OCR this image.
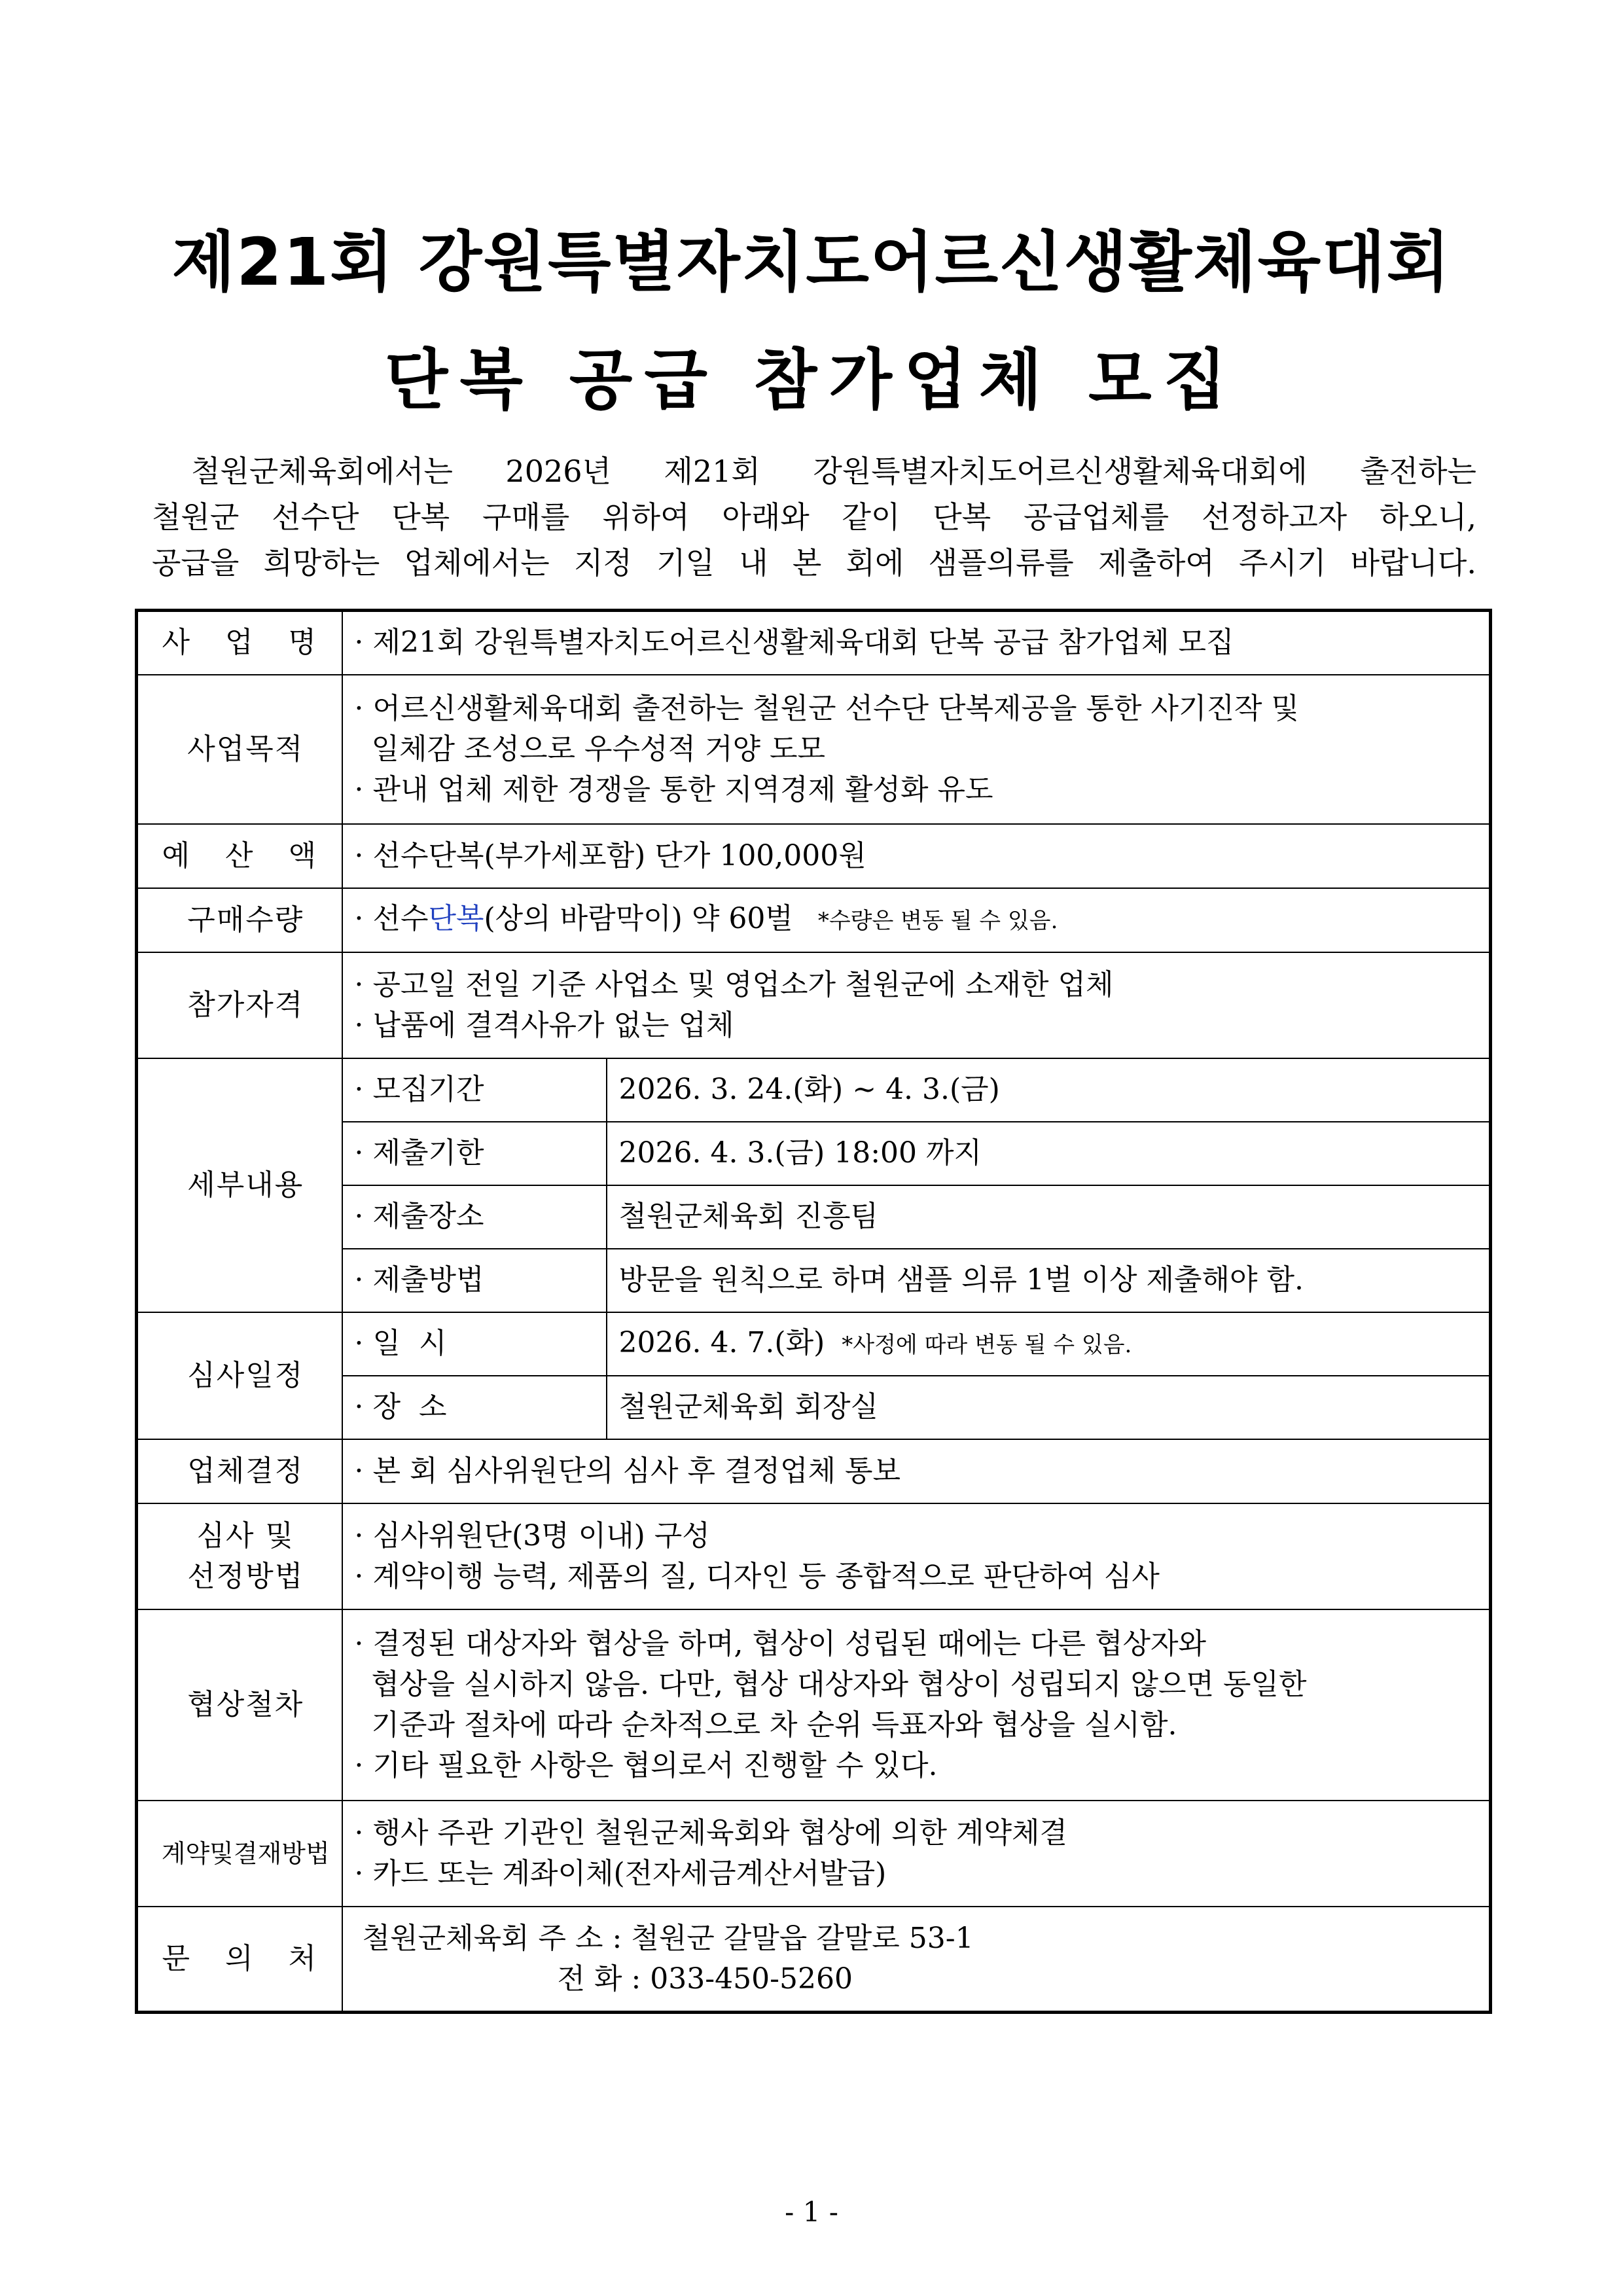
제21회 강원특별자치도어르신생활체육대회
단복 공급 참가업체 모집

철원군체육회에서는 2026년 제21회 강원특별자치도어르신생활체육대회에 출전하는

철원군 선수단 단복 구매를 위하여 아래와 같이 단복 공급업체를 선정하고자 하오니,

공급을 희망하는 업체에서는 지정 기일 내 본 회에 샘플의류를 제출하여 주시기 바랍니다.

사 업 명	· 제21회 강원특별자치도어르신생활체육대회 단복 공급 참가업체 모집	

사업목적	· 어르신생활체육대회 출전하는 철원군 선수단 단복제공을 통한 사기진작 및
일체감 조성으로 우수성적 거양 도모
· 관내 업체 제한 경쟁을 통한 지역경제 활성화 유도	

예 산 액	· 선수단복(부가세포함) 단가 100,000원	

구매수량	· 선수단복(상의 바람막이) 약 60벌 *수량은 변동 될 수 있음.	

참가자격	· 공고일 전일 기준 사업소 및 영업소가 철원군에 소재한 업체
· 납품에 결격사유가 없는 업체	

세부내용	· 모집기간	2026. 3. 24.(화) ~ 4. 3.(금)
	· 제출기한	2026. 4. 3.(금) 18:00 까지
	· 제출장소	철원군체육회 진흥팀
	· 제출방법	방문을 원칙으로 하며 샘플 의류 1벌 이상 제출해야 함.
심사일정	· 일  시	2026. 4. 7.(화) *사정에 따라 변동 될 수 있음.
	· 장  소	철원군체육회 회장실
업체결정	· 본 회 심사위원단의 심사 후 결정업체 통보	

심사 및
선정방법	· 심사위원단(3명 이내) 구성
· 계약이행 능력, 제품의 질, 디자인 등 종합적으로 판단하여 심사	

협상철차	· 결정된 대상자와 협상을 하며, 협상이 성립된 때에는 다른 협상자와
협상을 실시하지 않음. 다만, 협상 대상자와 협상이 성립되지 않으면 동일한
기준과 절차에 따라 순차적으로 차 순위 득표자와 협상을 실시함.
· 기타 필요한 사항은 협의로서 진행할 수 있다.	

계약및결재방법	· 행사 주관 기관인 철원군체육회와 협상에 의한 계약체결
· 카드 또는 계좌이체(전자세금계산서발급)	

문 의 처	철원군체육회 주 소 : 철원군 갈말읍 갈말로 53-1
전 화 : 033-450-5260	
- 1 -
